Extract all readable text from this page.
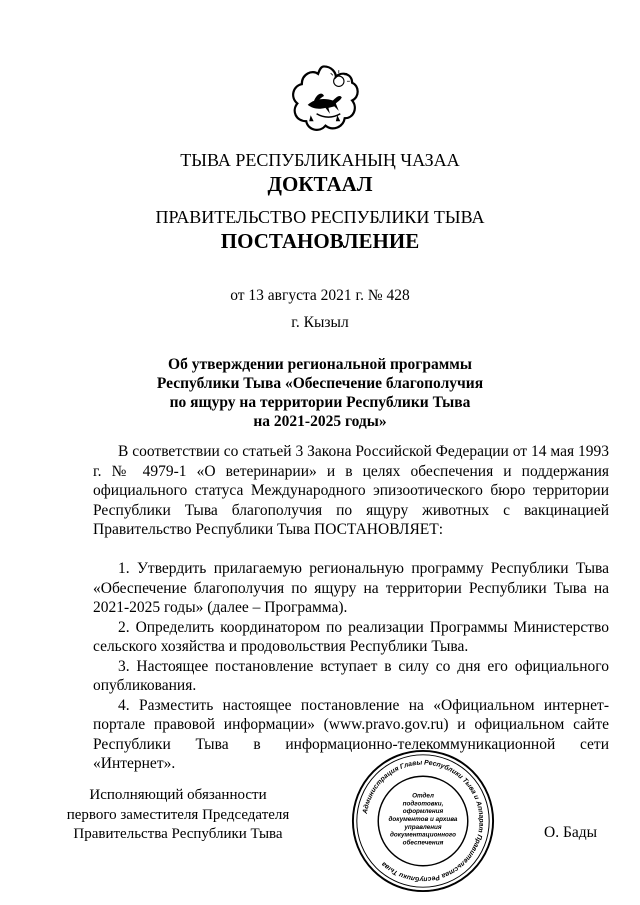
ТЫВА РЕСПУБЛИКАНЫҢ ЧАЗАА
ДОКТААЛ
ПРАВИТЕЛЬСТВО РЕСПУБЛИКИ ТЫВА
ПОСТАНОВЛЕНИЕ
от 13 августа 2021 г. № 428
г. Кызыл
Об утверждении региональной программы
Республики Тыва «Обеспечение благополучия
по ящуру на территории Республики Тыва
на 2021-2025 годы»

В соответствии со статьей 3 Закона Российской Федерации от 14 мая 1993 г. № 4979-1 «О ветеринарии» и в целях обеспечения и поддержания официального статуса Международного эпизоотического бюро территории Республики Тыва благополучия по ящуру животных с вакцинацией Правительство Республики Тыва ПОСТАНОВЛЯЕТ:

1. Утвердить прилагаемую региональную программу Республики Тыва «Обеспечение благополучия по ящуру на территории Республики Тыва на 2021-2025 годы» (далее – Программа).

2. Определить координатором по реализации Программы Министерство сельского хозяйства и продовольствия Республики Тыва.

3. Настоящее постановление вступает в силу со дня его официального опубликования.

4. Разместить настоящее постановление на «Официальном интернет-портале правовой информации» (www.pravo.gov.ru) и официальном сайте Республики Тыва в информационно-телекоммуникационной сети «Интернет».

Исполняющий обязанности
первого заместителя Председателя
Правительства Республики Тыва
Администрация Главы Республики Тыва и Аппарат Правительства Республики Тыва
Отдел
подготовки,
оформления
документов и архива
управления
документационного
обеспечения
О. Бады
